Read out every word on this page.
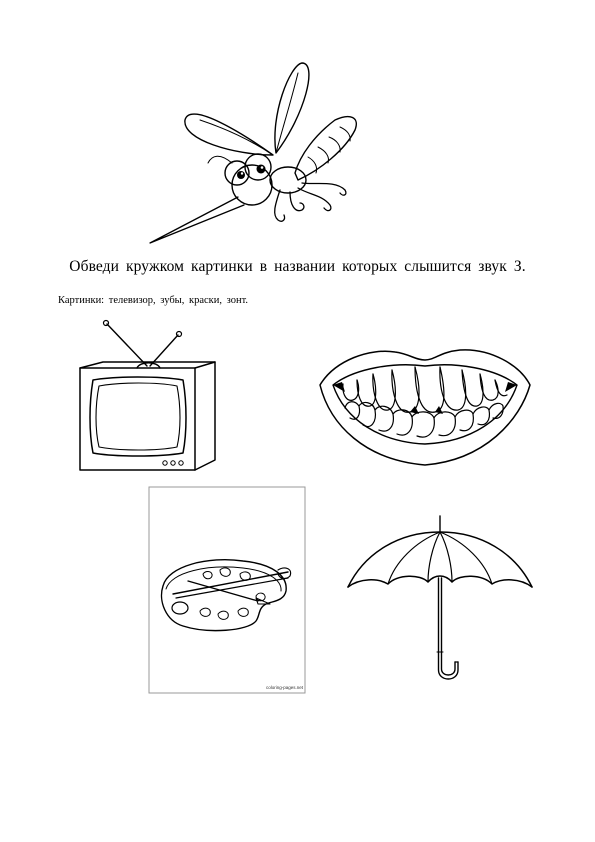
Обведи кружком картинки в названии которых слышится звук З.
Картинки: телевизор, зубы, краски, зонт.
coloring-pages.net
